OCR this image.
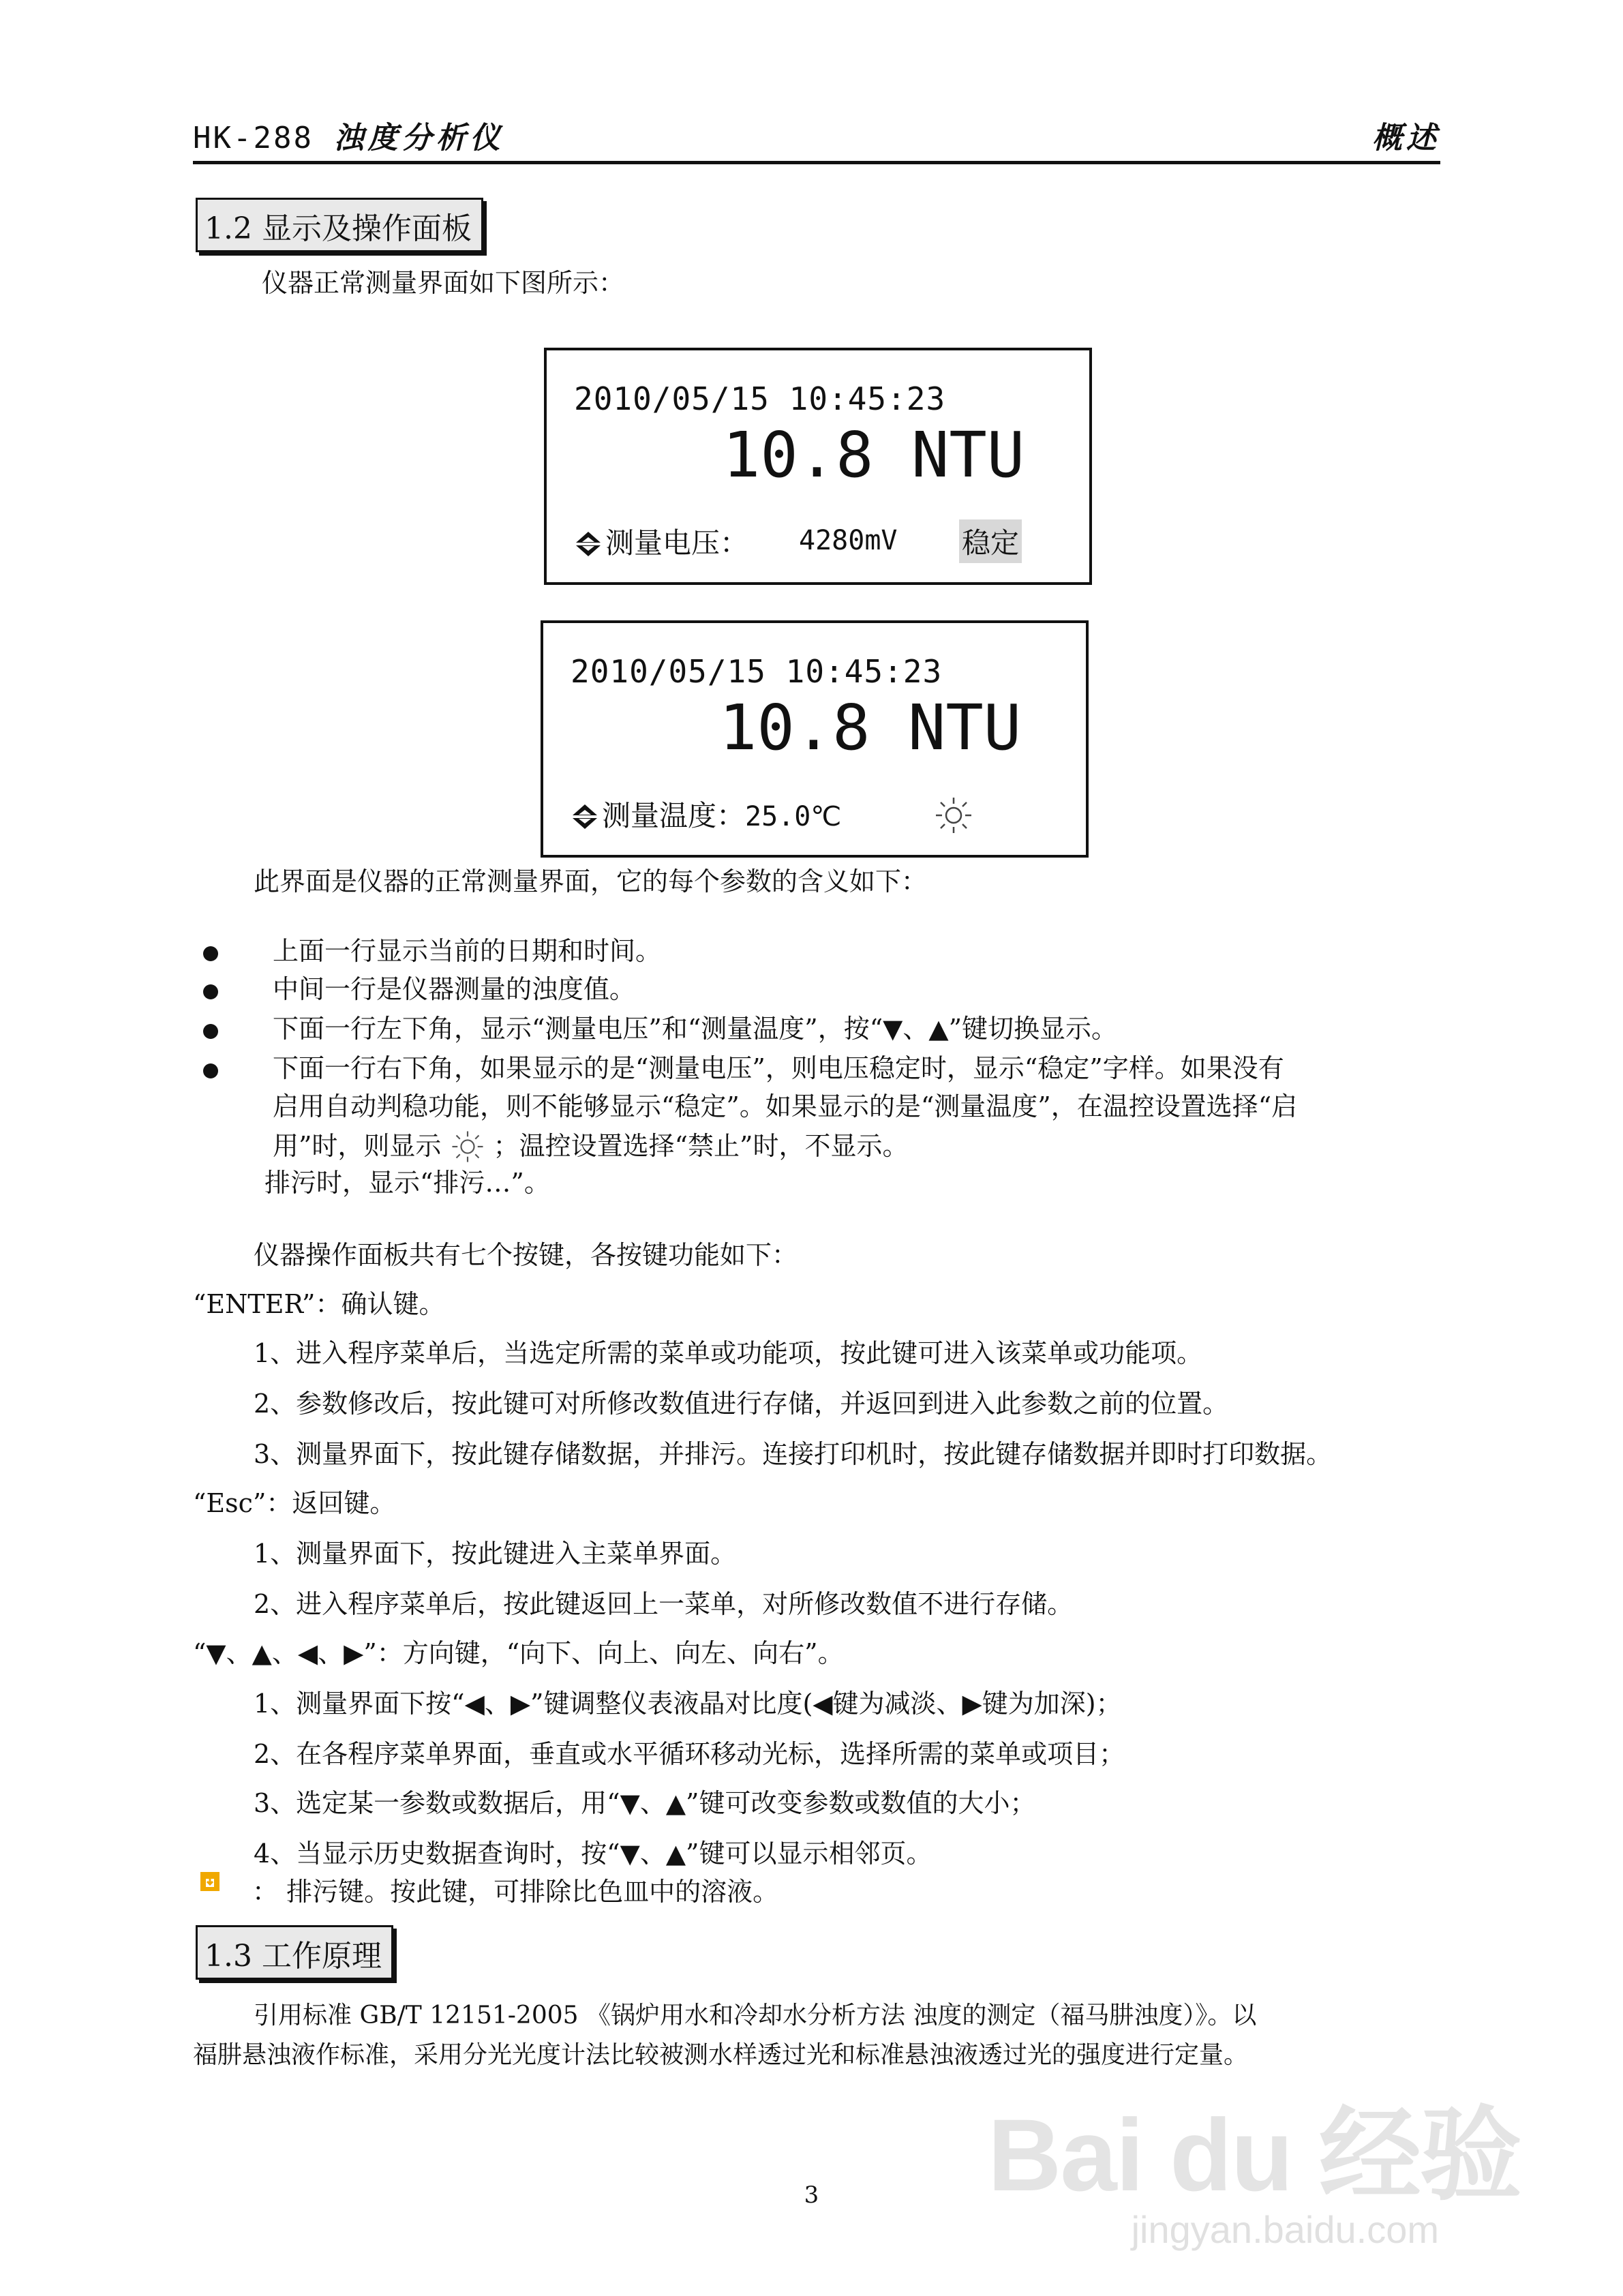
HK-288 浊度分析仪	概述
1.2 显示及操作面板
仪器正常测量界面如下图所示：
2010/05/15 10:45:23
10.8 NTU
测量电压： 4280mV 稳定
2010/05/15 10:45:23
10.8 NTU
测量温度：25.0℃
此界面是仪器的正常测量界面，它的每个参数的含义如下：
上面一行显示当前的日期和时间。
中间一行是仪器测量的浊度值。
下面一行左下角，显示“测量电压”和“测量温度”，按“▼、▲”键切换显示。
下面一行右下角，如果显示的是“测量电压”，则电压稳定时，显示“稳定”字样。如果没有
启用自动判稳功能，则不能够显示“稳定”。如果显示的是“测量温度”，在温控设置选择“启
用”时，则显示 ；温控设置选择“禁止”时，不显示。
排污时，显示“排污…”。
仪器操作面板共有七个按键，各按键功能如下：
“ENTER”：确认键。
1、进入程序菜单后，当选定所需的菜单或功能项，按此键可进入该菜单或功能项。
2、参数修改后，按此键可对所修改数值进行存储，并返回到进入此参数之前的位置。
3、测量界面下，按此键存储数据，并排污。连接打印机时，按此键存储数据并即时打印数据。
“Esc”：返回键。
1、测量界面下，按此键进入主菜单界面。
2、进入程序菜单后，按此键返回上一菜单，对所修改数值不进行存储。
“▼、▲、◀、▶”：方向键，“向下、向上、向左、向右”。
1、测量界面下按“◀、▶”键调整仪表液晶对比度(◀键为减淡、▶键为加深)；
2、在各程序菜单界面，垂直或水平循环移动光标，选择所需的菜单或项目；
3、选定某一参数或数据后，用“▼、▲”键可改变参数或数值的大小；
4、当显示历史数据查询时，按“▼、▲”键可以显示相邻页。
： 排污键。按此键，可排除比色皿中的溶液。
1.3 工作原理
引用标准 GB/T 12151-2005 《锅炉用水和冷却水分析方法 浊度的测定（福马肼浊度）》。以
福肼悬浊液作标准，采用分光光度计法比较被测水样透过光和标准悬浊液透过光的强度进行定量。
3	Bai du 经验
jingyan.baidu.com
